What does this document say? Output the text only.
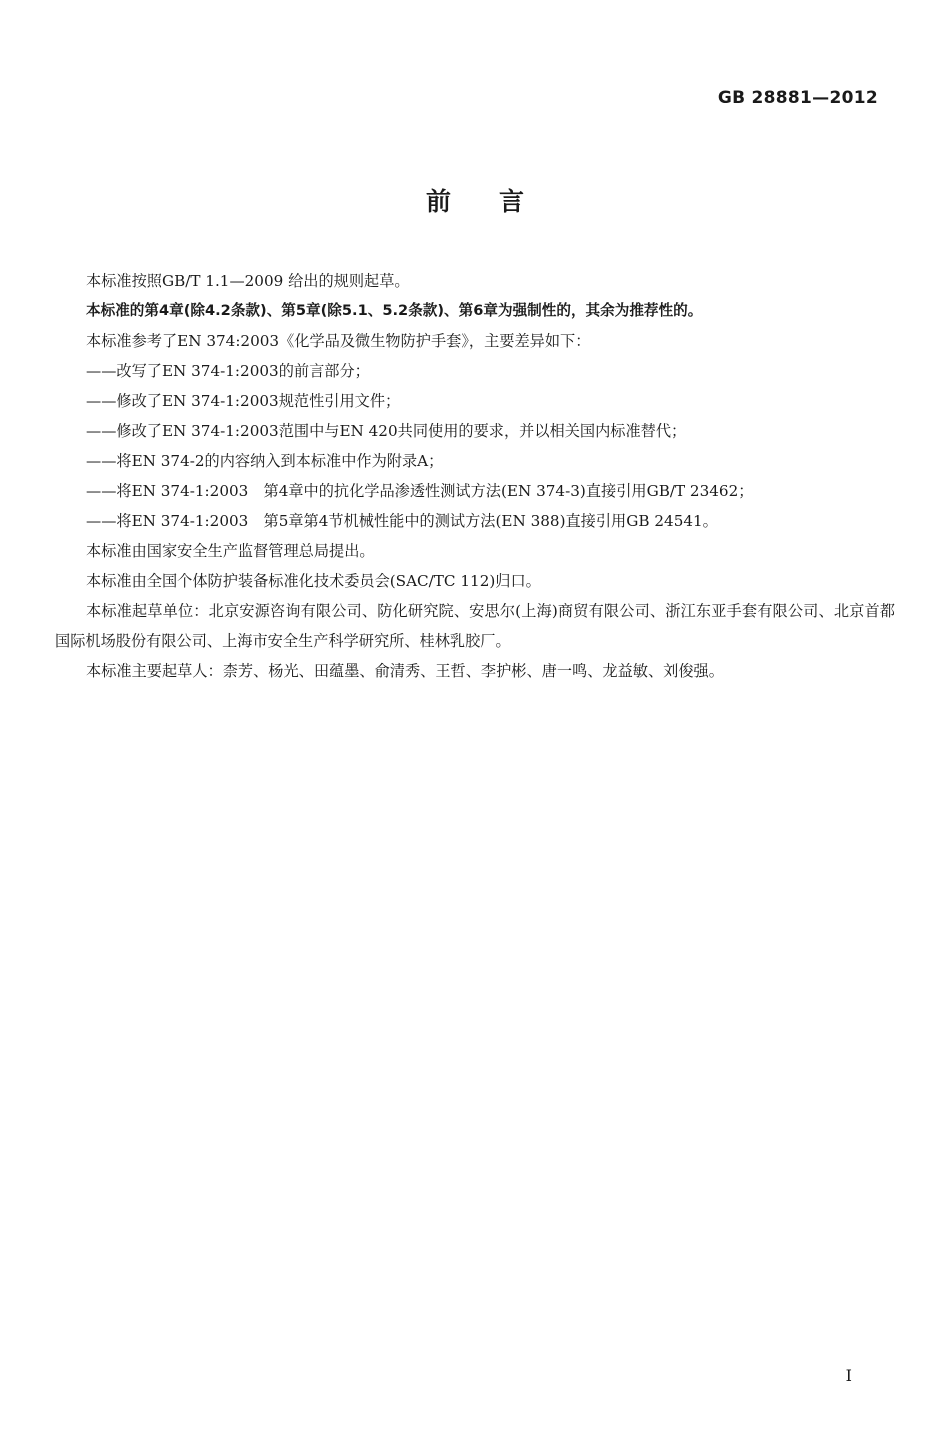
GB 28881—2012
前言

本标准按照GB/T 1.1—2009 给出的规则起草。

本标准的第4章(除4.2条款)、第5章(除5.1、5.2条款)、第6章为强制性的，其余为推荐性的。

本标准参考了EN 374:2003《化学品及微生物防护手套》，主要差异如下：

——改写了EN 374-1:2003的前言部分；

——修改了EN 374-1:2003规范性引用文件；

——修改了EN 374-1:2003范围中与EN 420共同使用的要求，并以相关国内标准替代；

——将EN 374-2的内容纳入到本标准中作为附录A；

——将EN 374-1:2003　第4章中的抗化学品渗透性测试方法(EN 374-3)直接引用GB/T 23462；

——将EN 374-1:2003　第5章第4节机械性能中的测试方法(EN 388)直接引用GB 24541。

本标准由国家安全生产监督管理总局提出。

本标准由全国个体防护装备标准化技术委员会(SAC/TC 112)归口。

本标准起草单位：北京安源咨询有限公司、防化研究院、安思尔(上海)商贸有限公司、浙江东亚手套有限公司、北京首都国际机场股份有限公司、上海市安全生产科学研究所、桂林乳胶厂。

本标准主要起草人：柰芳、杨光、田蕴墨、俞清秀、王哲、李护彬、唐一鸣、龙益敏、刘俊强。

I
